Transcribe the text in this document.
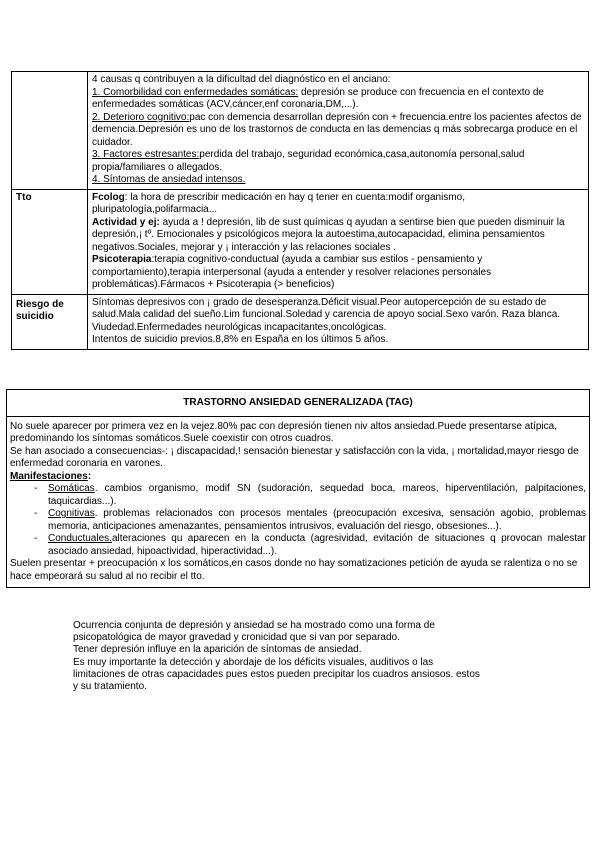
	4 causas q contribuyen a la dificultad del diagnóstico en el anciano:

1. Comorbilidad con enfermedades somáticas: depresión se produce con frecuencia en el contexto de enfermedades somáticas (ACV,cáncer,enf coronaria,DM,...).

2. Deterioro cognitivo:pac con demencia desarrollan depresión con + frecuencia.entre los pacientes afectos de demencia.Depresión es uno de los trastornos de conducta en las demencias q más sobrecarga produce en el cuidador.

3. Factores estresantes:perdida del trabajo, seguridad económica,casa,autonomía personal,salud propia/familiares o allegados.

4. Síntomas de ansiedad intensos.

Tto	Fcolog: la hora de prescribir medicación en hay q tener en cuenta:modif organismo, pluripatología,polifarmacia...

Actividad y ej: ayuda a ! depresión, lib de sust químicas q ayudan a sentirse bien que pueden disminuir la depresión,¡ tº. Emocionales y psicológicos mejora la autoestima,autocapacidad, elimina pensamientos negativos.Sociales, mejorar y ¡ interacción y las relaciones sociales .

Psicoterapia:terapia cognitivo-conductual (ayuda a cambiar sus estilos - pensamiento y comportamiento),terapia interpersonal (ayuda a entender y resolver relaciones personales problemáticas).Fármacos + Psicoterapia (> beneficios)

Riesgo de suicidio	Síntomas depresivos con ¡ grado de desesperanza.Déficit visual.Peor autopercepción de su estado de salud.Mala calidad del sueño.Lim funcional.Soledad y carencia de apoyo social.Sexo varón. Raza blanca. Viudedad.Enfermedades neurológicas incapacitantes,oncológicas.

Intentos de suicidio previos.8,8% en España en los últimos 5 años.

TRASTORNO ANSIEDAD GENERALIZADA (TAG)

No suele aparecer por primera vez en la vejez.80% pac con depresión tienen niv altos ansiedad.Puede presentarse atípica, predominando los síntomas somáticos.Suele coexistir con otros cuadros.

Se han asociado a consecuencias-: ¡ discapacidad,! sensación bienestar y satisfacción con la vida, ¡ mortalidad,mayor riesgo de enfermedad coronaria en varones.

Manifestaciones:

- Somáticas. cambios organismo, modif SN (sudoración, sequedad boca, mareos, hiperventilación, palpitaciones, taquicardias...).
- Cognitivas. problemas relacionados con procesos mentales (preocupación excesiva, sensación agobio, problemas memoria, anticipaciones amenazantes, pensamientos intrusivos, evaluación del riesgo, obsesiones...).
- Conductuales.alteraciones qu aparecen en la conducta (agresividad, evitación de situaciones q provocan malestar asociado ansiedad, hipoactividad, hiperactividad...).

Suelen presentar + preocupación x los somáticos,en casos donde no hay somatizaciones petición de ayuda se ralentiza o no se hace empeorará su salud al no recibir el tto.

Ocurrencia conjunta de depresión y ansiedad se ha mostrado como una forma de

psicopatológica de mayor gravedad y cronicidad que si van por separado.

Tener depresión influye en la aparición de síntomas de ansiedad.

Es muy importante la detección y abordaje de los déficits visuales, auditivos o las

limitaciones de otras capacidades pues estos pueden precipitar los cuadros ansiosos. estos

y su tratamiento.
